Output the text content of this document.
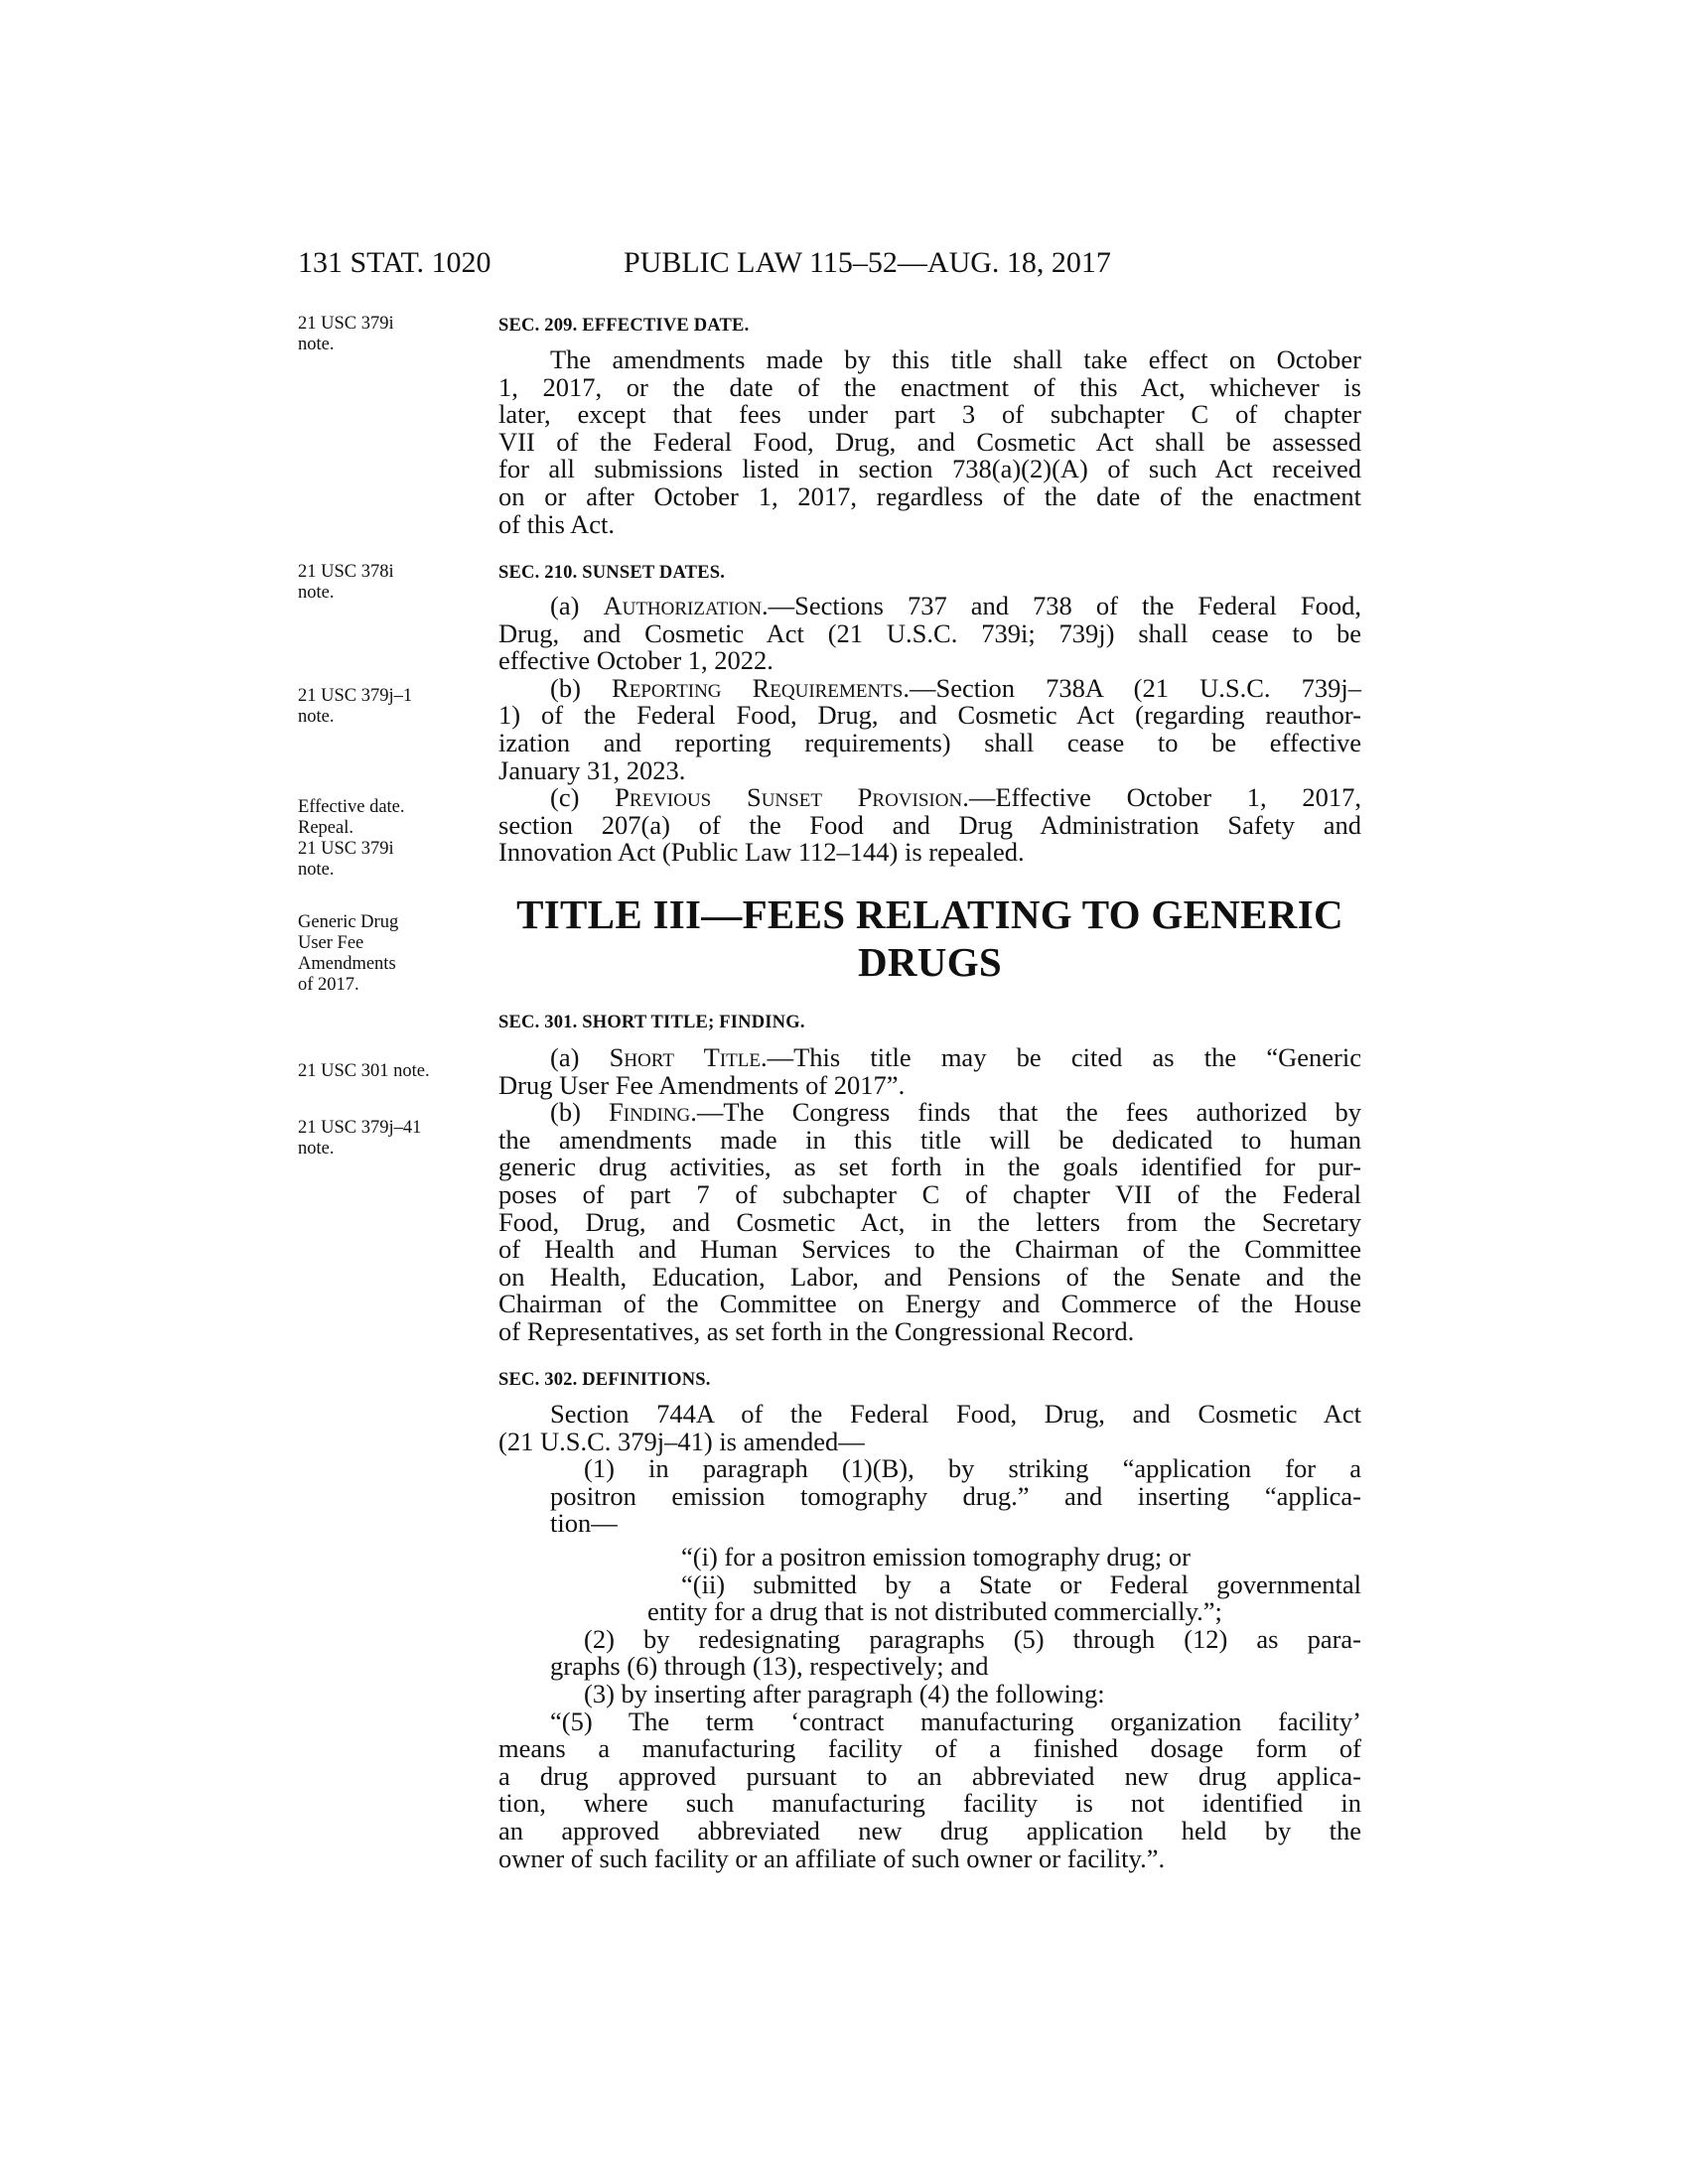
131 STAT. 1020	PUBLIC LAW 115–52—AUG. 18, 2017
21 USC 379i
note.
21 USC 378i
note.
21 USC 379j–1
note.
Effective date.
Repeal.
21 USC 379i
note.
Generic Drug
User Fee
Amendments
of 2017.
21 USC 301 note.
21 USC 379j–41
note.
SEC. 209. EFFECTIVE DATE.
The amendments made by this title shall take effect on October
1, 2017, or the date of the enactment of this Act, whichever is
later, except that fees under part 3 of subchapter C of chapter
VII of the Federal Food, Drug, and Cosmetic Act shall be assessed
for all submissions listed in section 738(a)(2)(A) of such Act received
on or after October 1, 2017, regardless of the date of the enactment
of this Act.
SEC. 210. SUNSET DATES.
(a) Authorization.—Sections 737 and 738 of the Federal Food,
Drug, and Cosmetic Act (21 U.S.C. 739i; 739j) shall cease to be
effective October 1, 2022.
(b) Reporting Requirements.—Section 738A (21 U.S.C. 739j–
1) of the Federal Food, Drug, and Cosmetic Act (regarding reauthor-
ization and reporting requirements) shall cease to be effective
January 31, 2023.
(c) Previous Sunset Provision.—Effective October 1, 2017,
section 207(a) of the Food and Drug Administration Safety and
Innovation Act (Public Law 112–144) is repealed.
TITLE III—FEES RELATING TO GENERIC
DRUGS
SEC. 301. SHORT TITLE; FINDING.
(a) Short Title.—This title may be cited as the “Generic
Drug User Fee Amendments of 2017”.
(b) Finding.—The Congress finds that the fees authorized by
the amendments made in this title will be dedicated to human
generic drug activities, as set forth in the goals identified for pur-
poses of part 7 of subchapter C of chapter VII of the Federal
Food, Drug, and Cosmetic Act, in the letters from the Secretary
of Health and Human Services to the Chairman of the Committee
on Health, Education, Labor, and Pensions of the Senate and the
Chairman of the Committee on Energy and Commerce of the House
of Representatives, as set forth in the Congressional Record.
SEC. 302. DEFINITIONS.
Section 744A of the Federal Food, Drug, and Cosmetic Act
(21 U.S.C. 379j–41) is amended—
(1) in paragraph (1)(B), by striking “application for a
positron emission tomography drug.” and inserting “applica-
tion—
“(i) for a positron emission tomography drug; or
“(ii) submitted by a State or Federal governmental
entity for a drug that is not distributed commercially.”;
(2) by redesignating paragraphs (5) through (12) as para-
graphs (6) through (13), respectively; and
(3) by inserting after paragraph (4) the following:
“(5) The term ‘contract manufacturing organization facility’
means a manufacturing facility of a finished dosage form of
a drug approved pursuant to an abbreviated new drug applica-
tion, where such manufacturing facility is not identified in
an approved abbreviated new drug application held by the
owner of such facility or an affiliate of such owner or facility.”.
